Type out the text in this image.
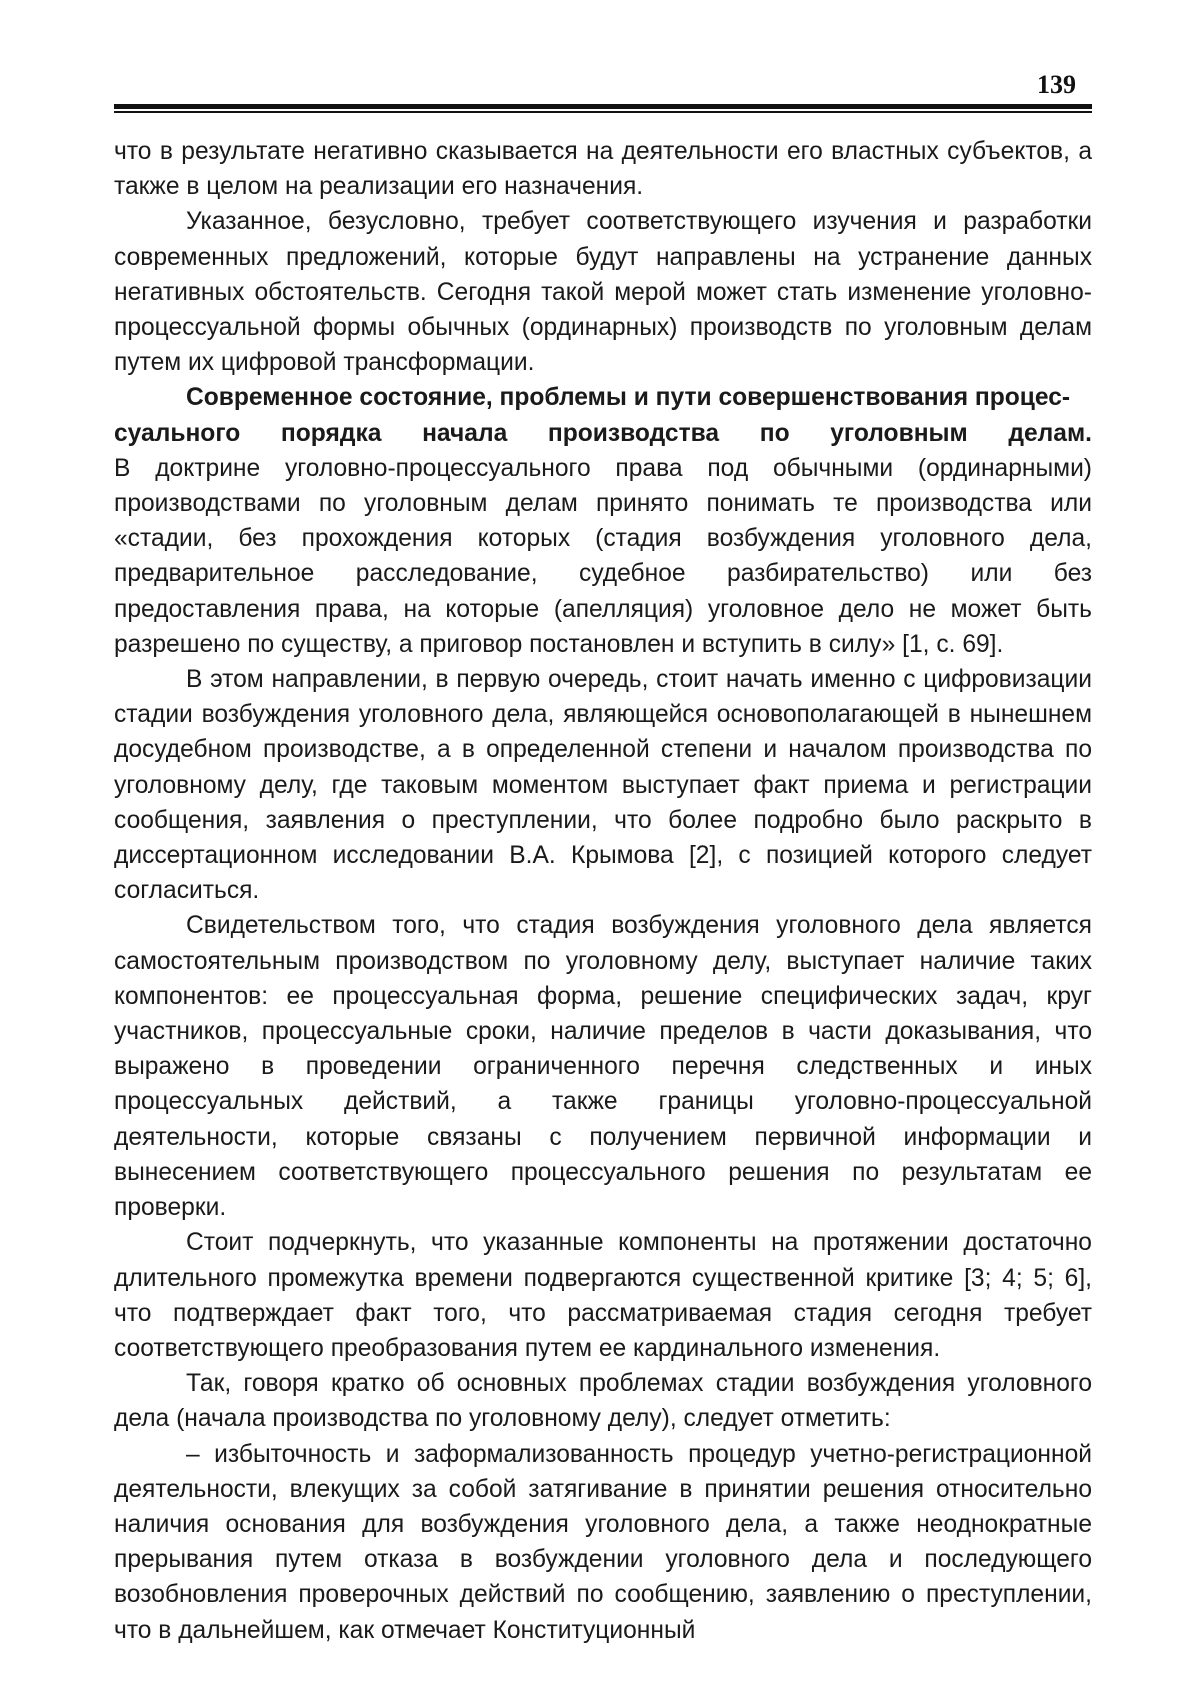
139

что в результате негативно сказывается на деятельности его властных субъектов, а также в целом на реализации его назначения.

Указанное, безусловно, требует соответствующего изучения и разработки современных предложений, которые будут направлены на устранение данных негативных обстоятельств. Сегодня такой мерой может стать изменение уголовно-процессуальной формы обычных (ординарных) производств по уголовным делам путем их цифровой трансформации.

Современное состояние, проблемы и пути совершенствования процес-
суального порядка начала производства по уголовным делам.
В доктрине уголовно-процессуального права под обычными (ординарными) производствами по уголовным делам принято понимать те производства или «стадии, без прохождения которых (стадия возбуждения уголовного дела, предварительное расследование, судебное разбирательство) или без предоставления права, на которые (апелляция) уголовное дело не может быть разрешено по существу, а приговор постановлен и вступить в силу» [1, с. 69].

В этом направлении, в первую очередь, стоит начать именно с цифровизации стадии возбуждения уголовного дела, являющейся основополагающей в нынешнем досудебном производстве, а в определенной степени и началом производства по уголовному делу, где таковым моментом выступает факт приема и регистрации сообщения, заявления о преступлении, что более подробно было раскрыто в диссертационном исследовании В.А. Крымова [2], с позицией которого следует согласиться.

Свидетельством того, что стадия возбуждения уголовного дела является самостоятельным производством по уголовному делу, выступает наличие таких компонентов: ее процессуальная форма, решение специфических задач, круг участников, процессуальные сроки, наличие пределов в части доказывания, что выражено в проведении ограниченного перечня следственных и иных процессуальных действий, а также границы уголовно-процессуальной деятельности, которые связаны с получением первичной информации и вынесением соответствующего процессуального решения по результатам ее проверки.

Стоит подчеркнуть, что указанные компоненты на протяжении достаточно длительного промежутка времени подвергаются существенной критике [3; 4; 5; 6], что подтверждает факт того, что рассматриваемая стадия сегодня требует соответствующего преобразования путем ее кардинального изменения.

Так, говоря кратко об основных проблемах стадии возбуждения уголовного дела (начала производства по уголовному делу), следует отметить:

– избыточность и заформализованность процедур учетно-регистрационной деятельности, влекущих за собой затягивание в принятии решения относительно наличия основания для возбуждения уголовного дела, а также неоднократные прерывания путем отказа в возбуждении уголовного дела и последующего возобновления проверочных действий по сообщению, заявлению о преступлении, что в дальнейшем, как отмечает Конституционный
